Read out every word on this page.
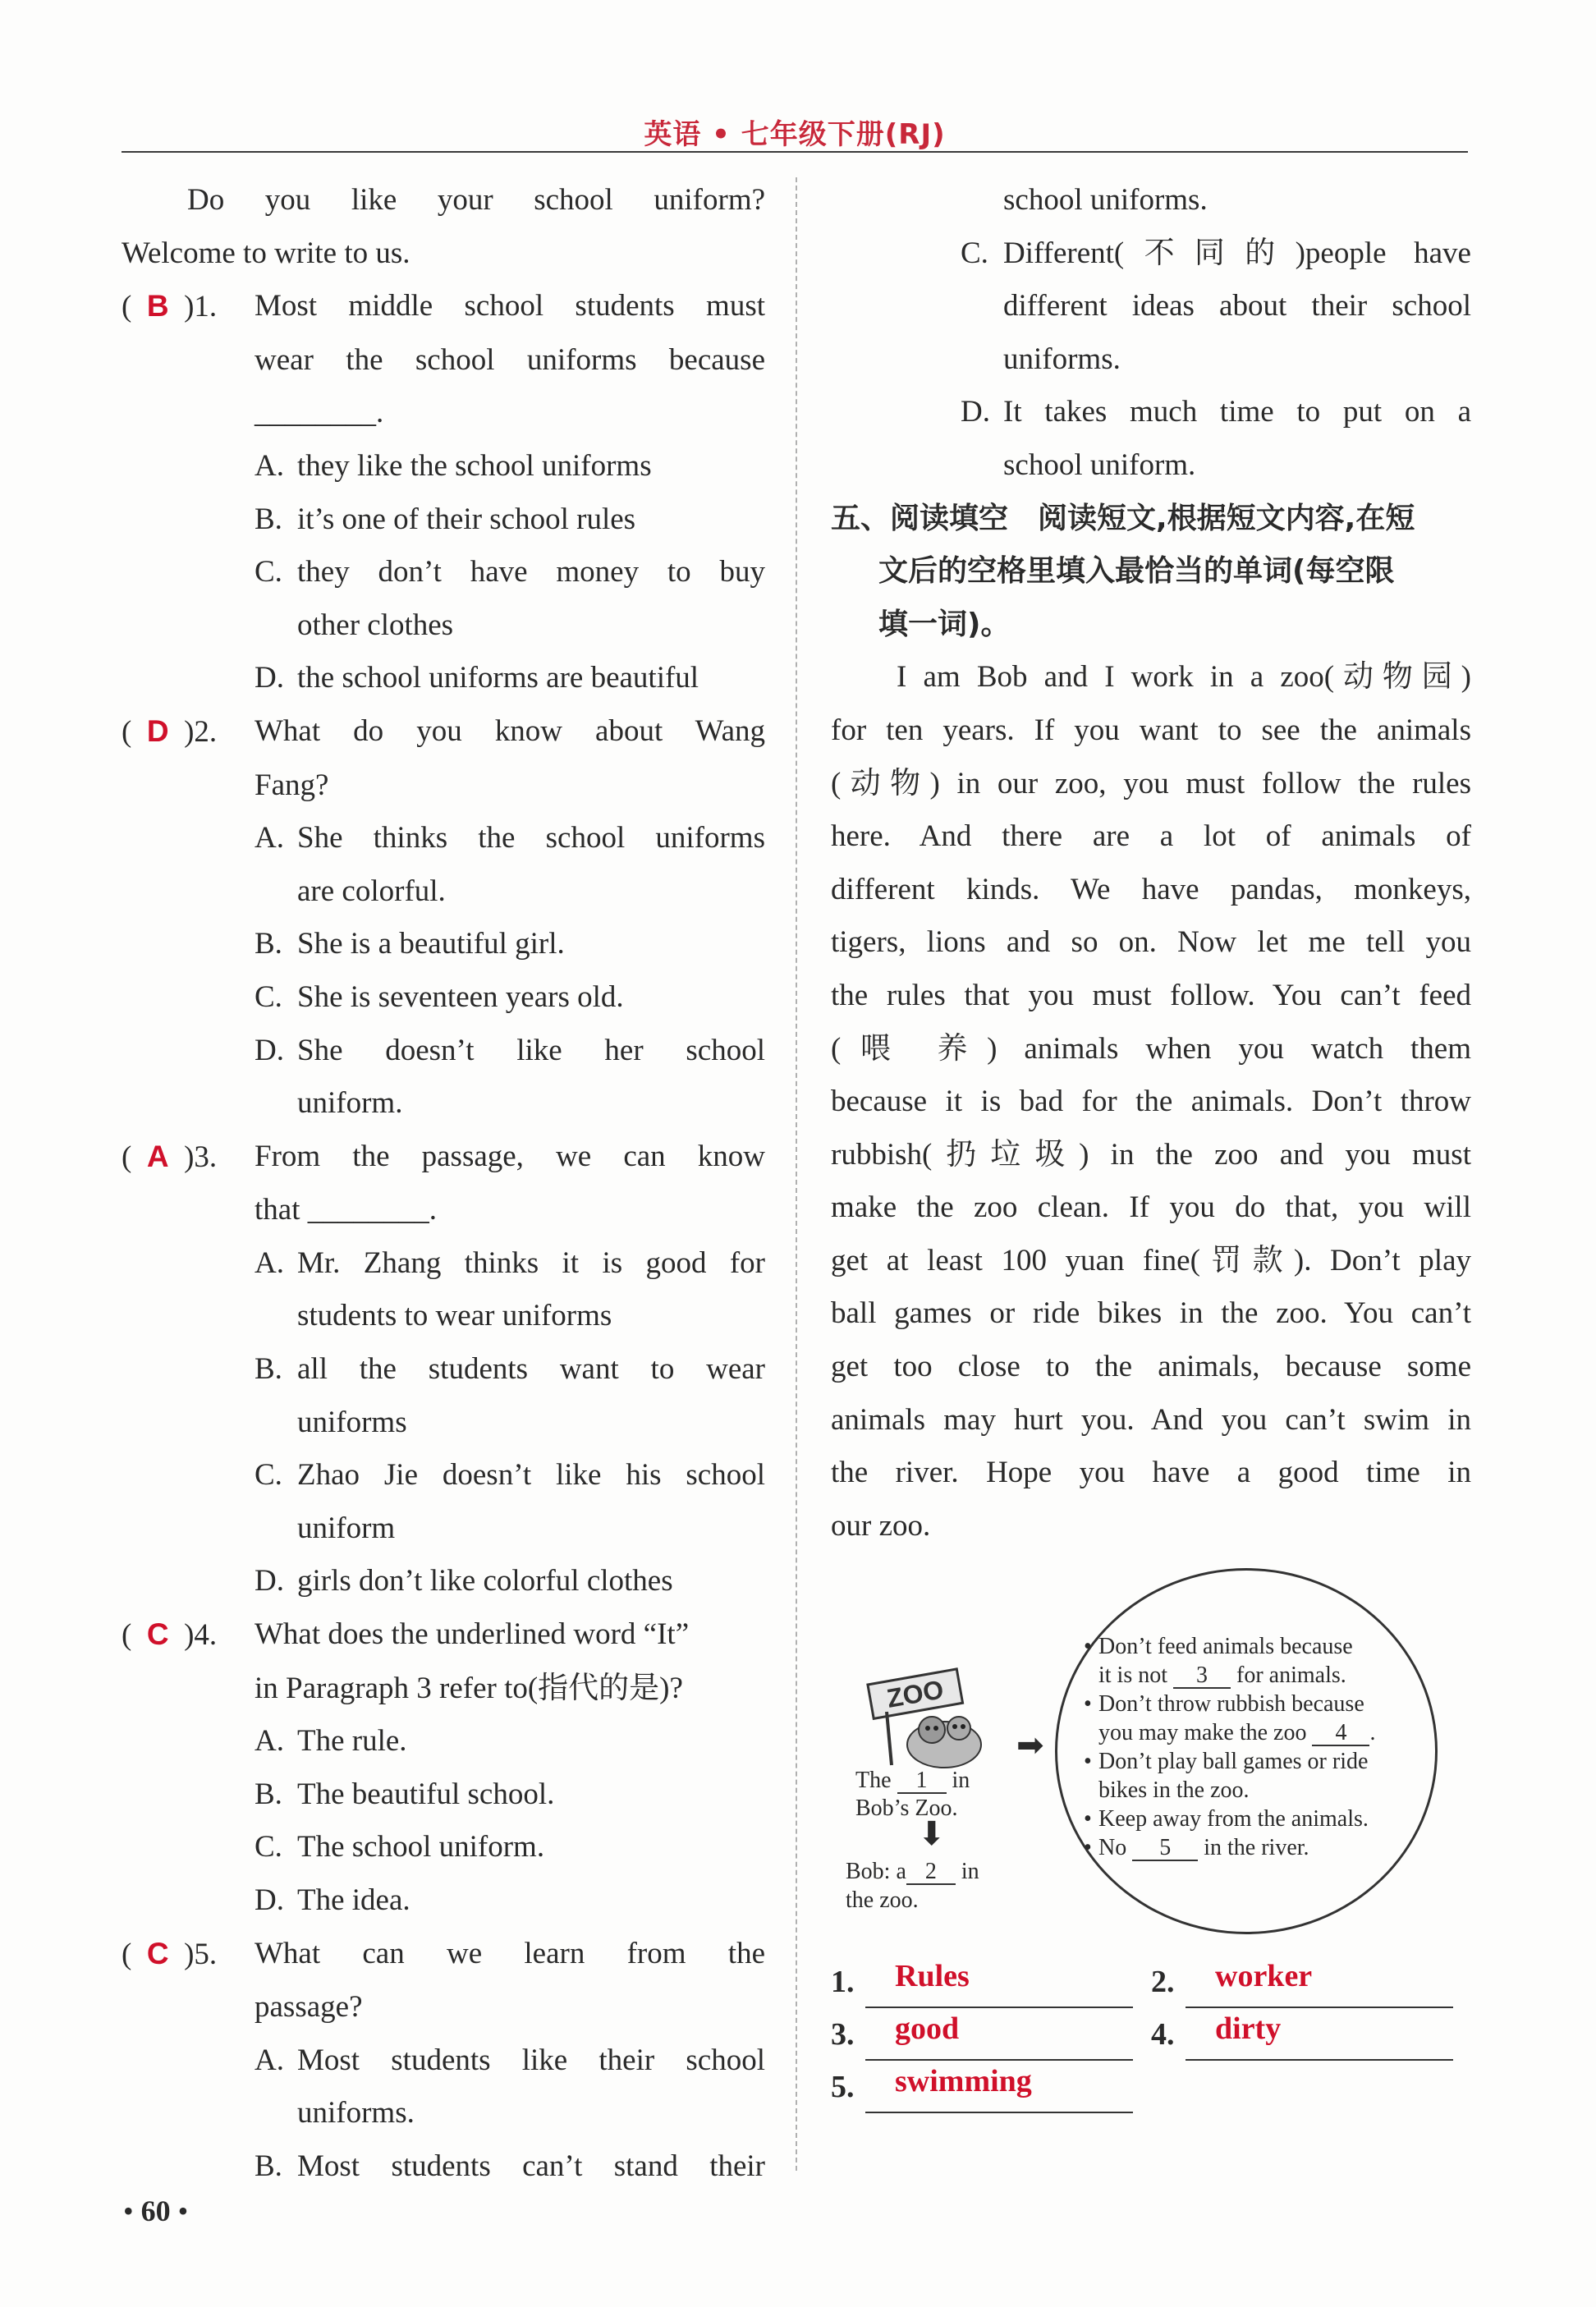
英语 • 七年级下册(RJ)

Do you like your school uniform?

Welcome to write to us.

(  B  )1.	Most middle school students must

wear the school uniforms because

________.

A. they like the school uniforms
B. it’s one of their school rules
C. they don’t have money to buy
other clothes
D. the school uniforms are beautiful
(  D  )2.	What do you know about Wang

Fang?

A. She thinks the school uniforms
are colorful.
B. She is a beautiful girl.
C. She is seventeen years old.
D. She doesn’t like her school
uniform.
(  A  )3.	From the passage, we can know

that ________.

A. Mr. Zhang thinks it is good for
students to wear uniforms
B. all the students want to wear
uniforms
C. Zhao Jie doesn’t like his school
uniform
D. girls don’t like colorful clothes
(  C  )4.	What does the underlined word “It”

in Paragraph 3 refer to(指代的是)?

A. The rule.
B. The beautiful school.
C. The school uniform.
D. The idea.
(  C  )5.	What can we learn from the

passage?

A. Most students like their school
uniforms.
B. Most students can’t stand their
school uniforms.
C. Different(不同的)people have
different ideas about their school
uniforms.
D. It takes much time to put on a
school uniform.

五、阅读填空　阅读短文,根据短文内容,在短

文后的空格里填入最恰当的单词(每空限

填一词)。

I am Bob and I work in a zoo(动物园)

for ten years. If you want to see the animals

(动物) in our zoo, you must follow the rules

here. And there are a lot of animals of

different kinds. We have pandas, monkeys,

tigers, lions and so on. Now let me tell you

the rules that you must follow. You can’t feed

(喂 养) animals when you watch them

because it is bad for the animals. Don’t throw

rubbish(扔垃圾) in the zoo and you must

make the zoo clean. If you do that, you will

get at least 100 yuan fine(罚款). Don’t play

ball games or ride bikes in the zoo. You can’t

get too close to the animals, because some

animals may hurt you. And you can’t swim in

the river. Hope you have a good time in

our zoo.

ZOO
The 1 in
Bob’s Zoo.
➡
⬇
Bob: a 2 in
the zoo.
• Don’t feed animals because
it is not 3 for animals.
• Don’t throw rubbish because
you may make the zoo 4 .
• Don’t play ball games or ride
bikes in the zoo.
• Keep away from the animals.
• No 5 in the river.
1.	Rules	2.	worker
3.	good	4.	dirty
5.	swimming
• 60 •
